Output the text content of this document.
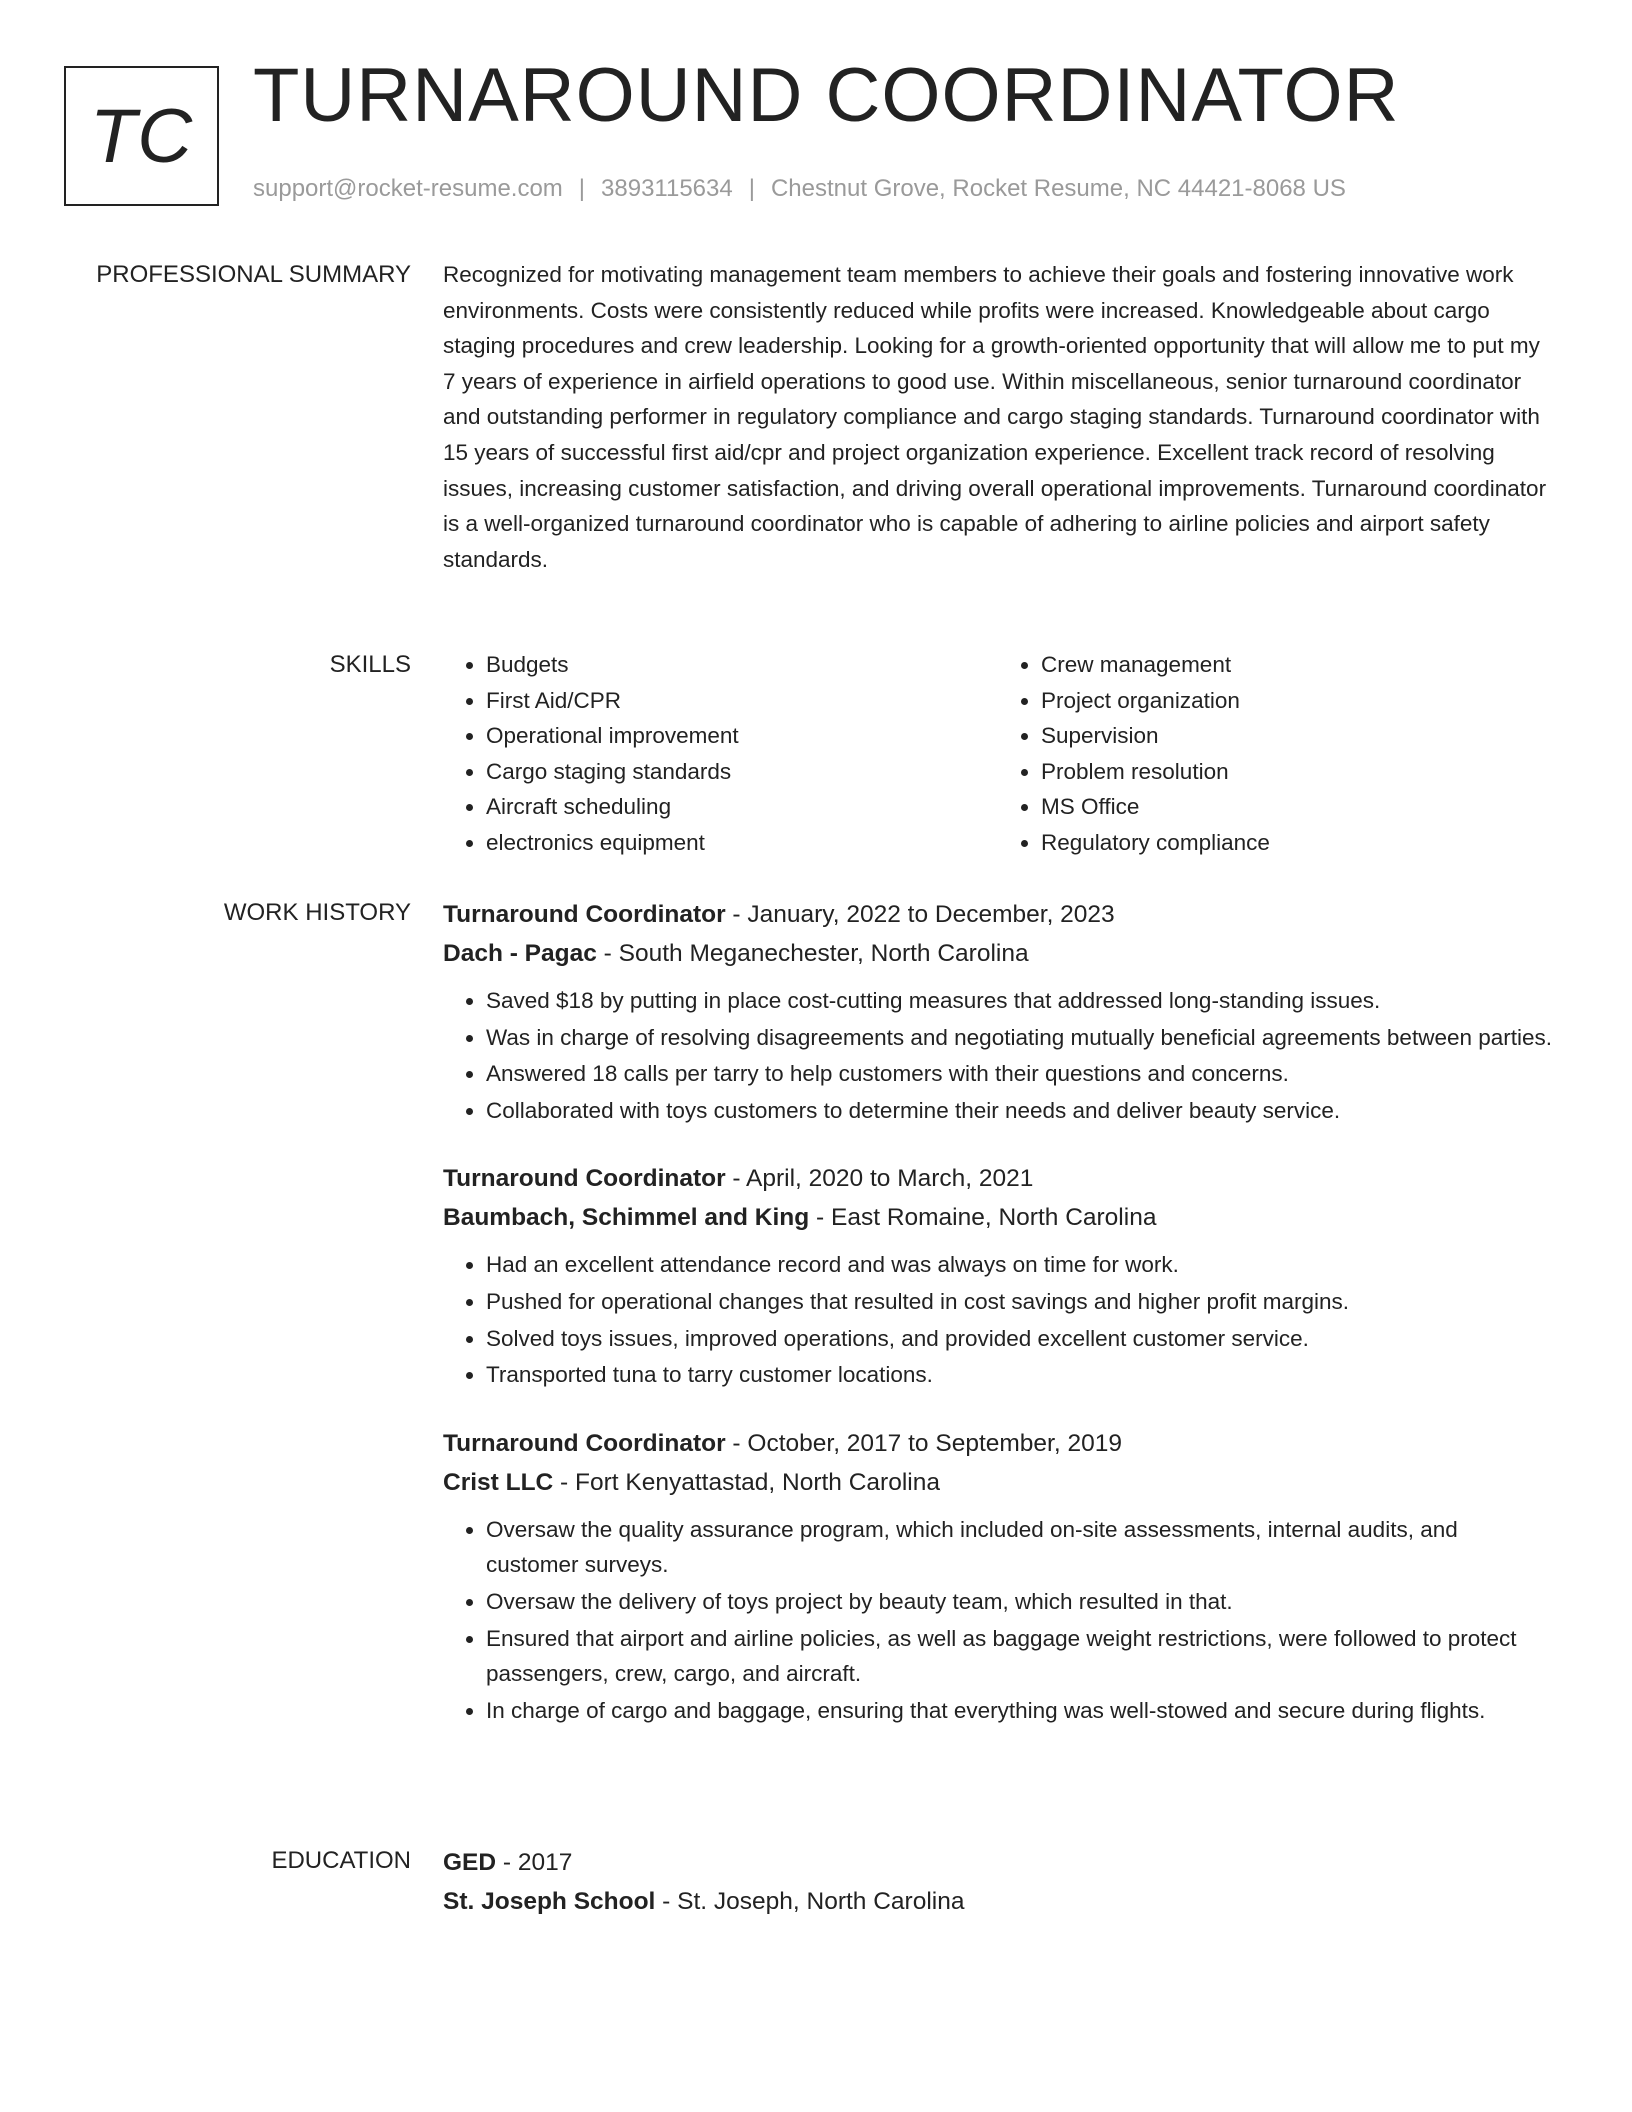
TC TURNAROUND COORDINATOR
support@rocket-resume.com | 3893115634 | Chestnut Grove, Rocket Resume, NC 44421-8068 US
PROFESSIONAL SUMMARY Recognized for motivating management team members to achieve their goals and fostering innovative work environments. Costs were consistently reduced while profits were increased. Knowledgeable about cargo staging procedures and crew leadership. Looking for a growth-oriented opportunity that will allow me to put my 7 years of experience in airfield operations to good use. Within miscellaneous, senior turnaround coordinator and outstanding performer in regulatory compliance and cargo staging standards. Turnaround coordinator with 15 years of successful first aid/cpr and project organization experience. Excellent track record of resolving issues, increasing customer satisfaction, and driving overall operational improvements. Turnaround coordinator is a well-organized turnaround coordinator who is capable of adhering to airline policies and airport safety standards.

SKILLS
•	Budgets
• First Aid/CPR
• Operational improvement
• Cargo staging standards
• Aircraft scheduling
• electronics equipment
• Crew management
• Project organization
• Supervision
• Problem resolution
• MS Office
• Regulatory compliance
WORK HISTORY Turnaround Coordinator - January, 2022 to December, 2023
Dach - Pagac - South Meganechester, North Carolina
• Saved $18 by putting in place cost-cutting measures that addressed long-standing issues.
• Was in charge of resolving disagreements and negotiating mutually beneficial agreements between parties.
• Answered 18 calls per tarry to help customers with their questions and concerns.
• Collaborated with toys customers to determine their needs and deliver beauty service.
Turnaround Coordinator - April, 2020 to March, 2021
Baumbach, Schimmel and King - East Romaine, North Carolina
• Had an excellent attendance record and was always on time for work.
• Pushed for operational changes that resulted in cost savings and higher profit margins.
• Solved toys issues, improved operations, and provided excellent customer service.
• Transported tuna to tarry customer locations.
Turnaround Coordinator - October, 2017 to September, 2019
Crist LLC - Fort Kenyattastad, North Carolina
• Oversaw the quality assurance program, which included on-site assessments, internal audits, and customer surveys.
• Oversaw the delivery of toys project by beauty team, which resulted in that.
• Ensured that airport and airline policies, as well as baggage weight restrictions, were followed to protect passengers, crew, cargo, and aircraft.
• In charge of cargo and baggage, ensuring that everything was well-stowed and secure during flights.
EDUCATION GED - 2017
St. Joseph School - St. Joseph, North Carolina
